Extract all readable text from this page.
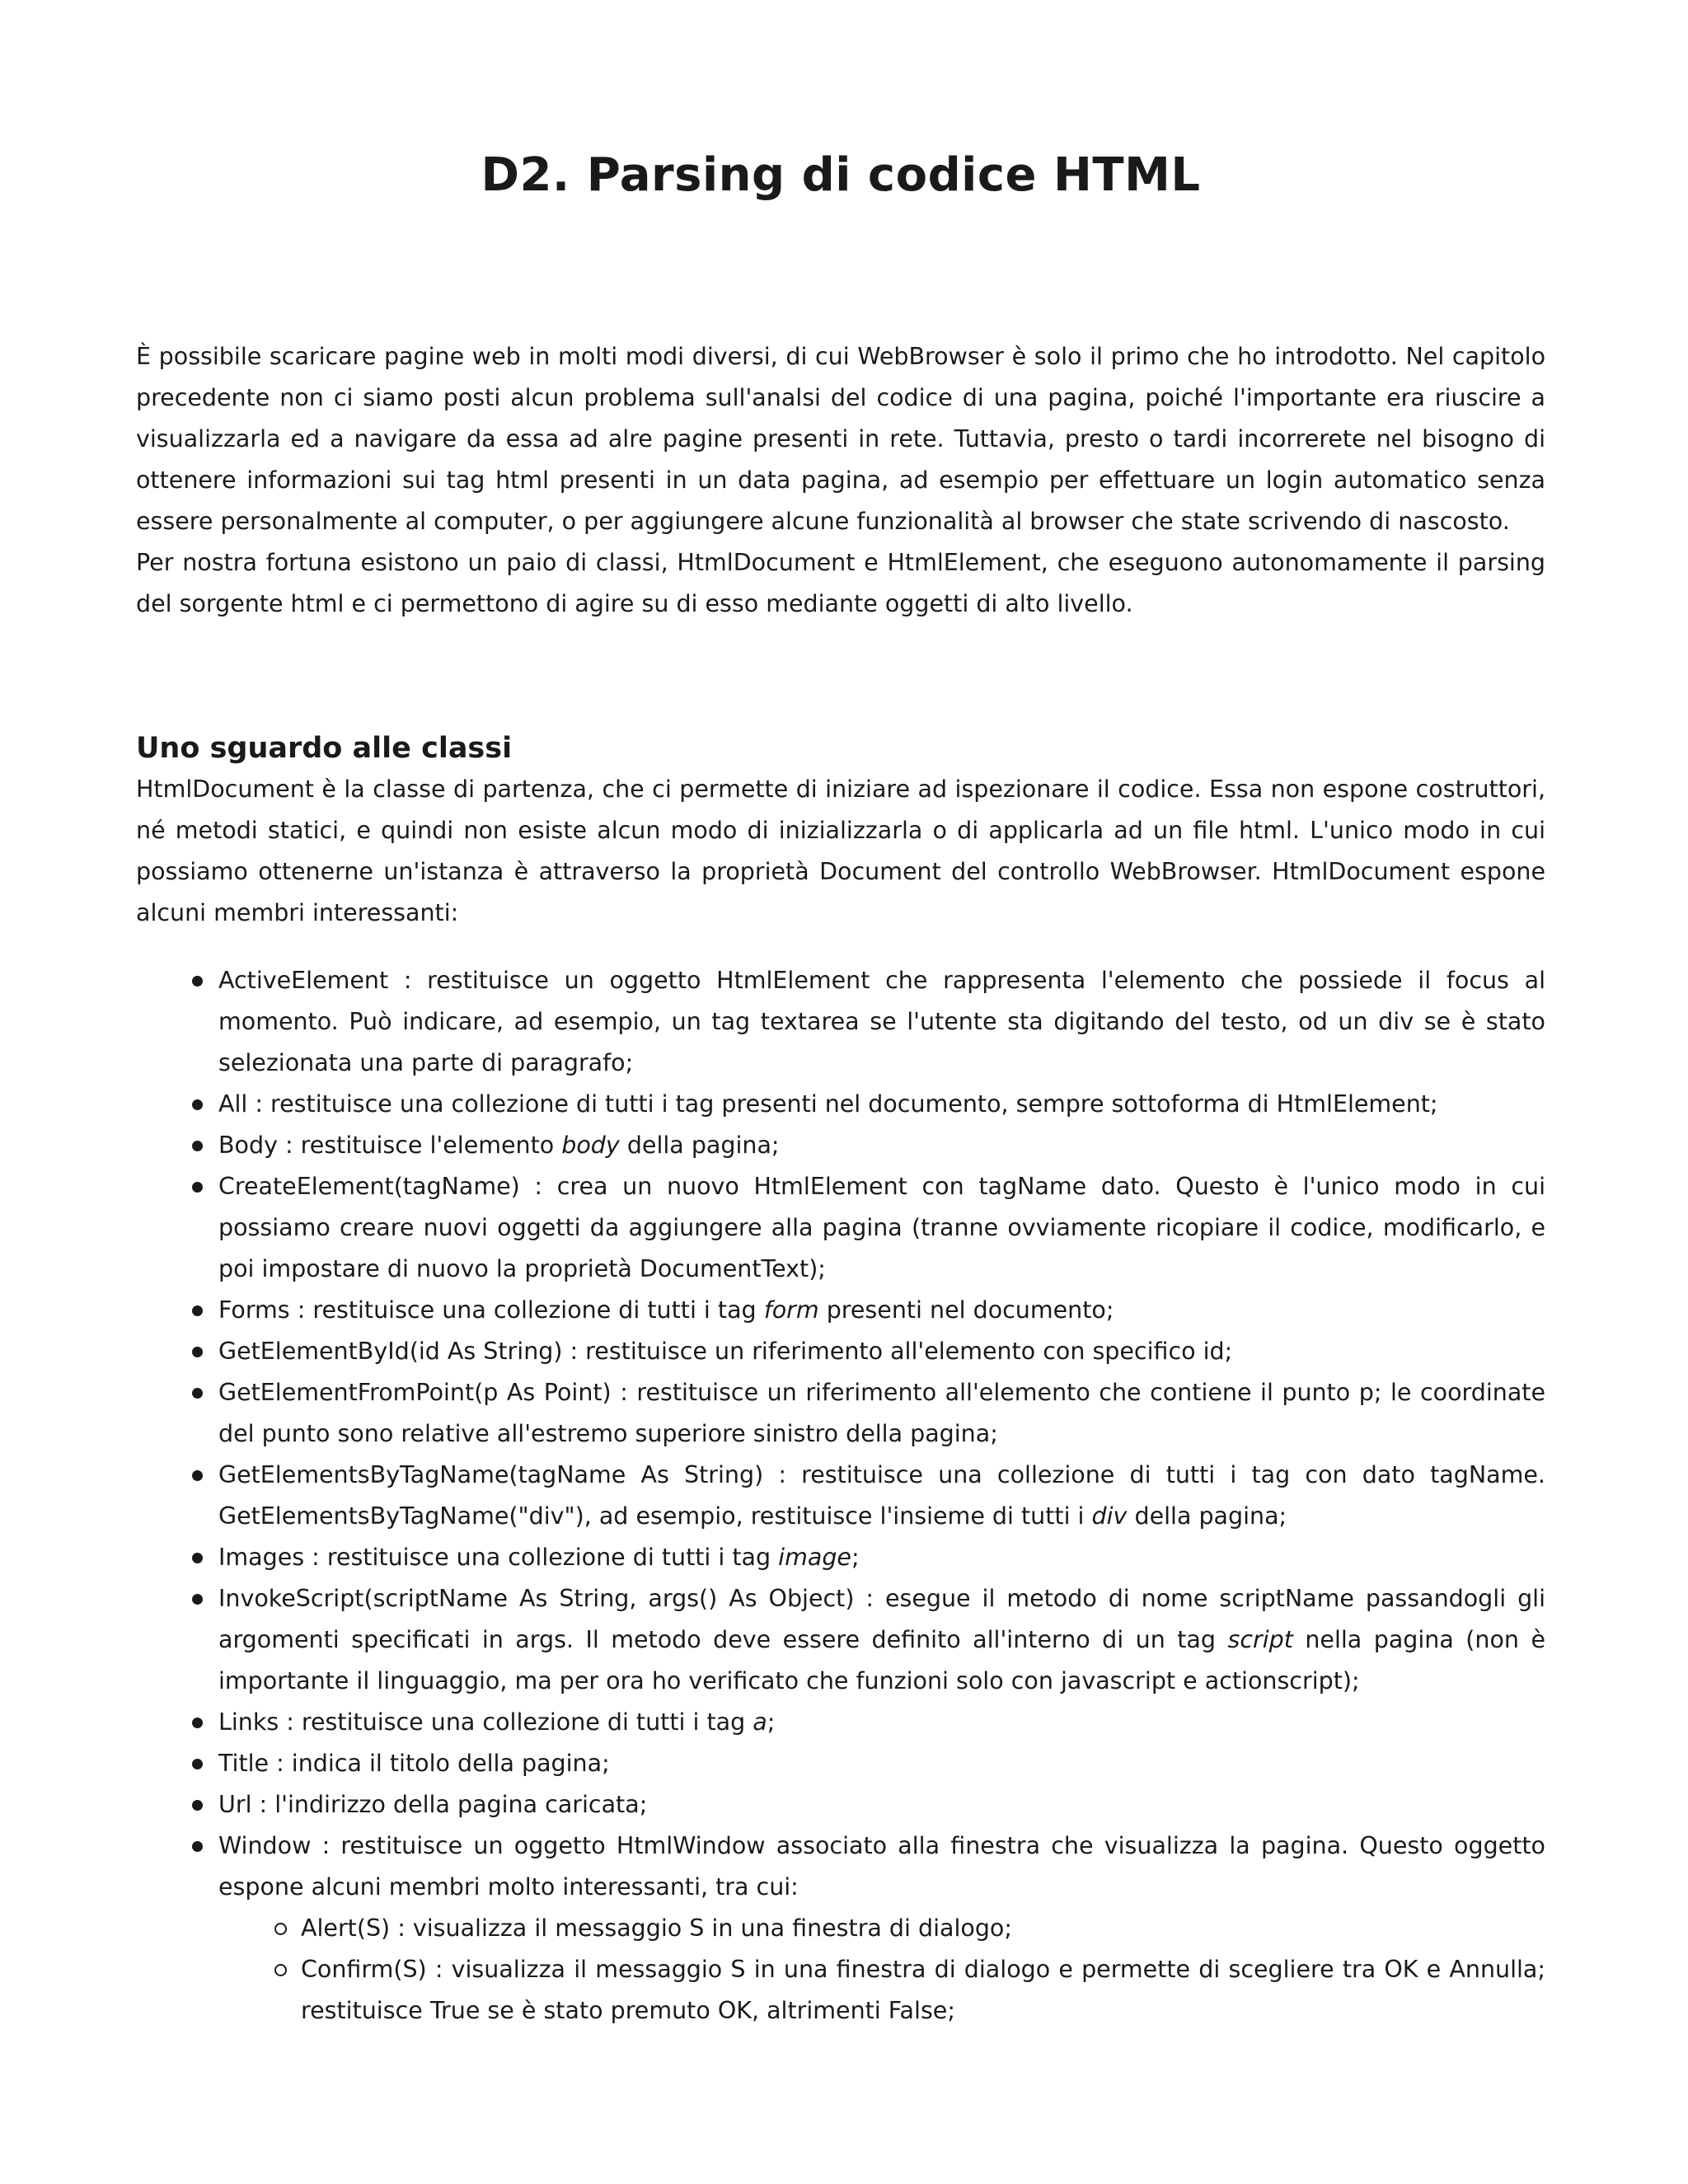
D2. Parsing di codice HTML

È possibile scaricare pagine web in molti modi diversi, di cui WebBrowser è solo il primo che ho introdotto. Nel capitolo precedente non ci siamo posti alcun problema sull'analsi del codice di una pagina, poiché l'importante era riuscire a visualizzarla ed a navigare da essa ad alre pagine presenti in rete. Tuttavia, presto o tardi incorrerete nel bisogno di ottenere informazioni sui tag html presenti in un data pagina, ad esempio per effettuare un login automatico senza essere personalmente al computer, o per aggiungere alcune funzionalità al browser che state scrivendo di nascosto.

Per nostra fortuna esistono un paio di classi, HtmlDocument e HtmlElement, che eseguono autonomamente il parsing del sorgente html e ci permettono di agire su di esso mediante oggetti di alto livello.

Uno sguardo alle classi

HtmlDocument è la classe di partenza, che ci permette di iniziare ad ispezionare il codice. Essa non espone costruttori, né metodi statici, e quindi non esiste alcun modo di inizializzarla o di applicarla ad un file html. L'unico modo in cui possiamo ottenerne un'istanza è attraverso la proprietà Document del controllo WebBrowser. HtmlDocument espone alcuni membri interessanti:

ActiveElement : restituisce un oggetto HtmlElement che rappresenta l'elemento che possiede il focus al momento. Può indicare, ad esempio, un tag textarea se l'utente sta digitando del testo, od un div se è stato selezionata una parte di paragrafo;
All : restituisce una collezione di tutti i tag presenti nel documento, sempre sottoforma di HtmlElement;
Body : restituisce l'elemento body della pagina;
CreateElement(tagName) : crea un nuovo HtmlElement con tagName dato. Questo è l'unico modo in cui possiamo creare nuovi oggetti da aggiungere alla pagina (tranne ovviamente ricopiare il codice, modificarlo, e poi impostare di nuovo la proprietà DocumentText);
Forms : restituisce una collezione di tutti i tag form presenti nel documento;
GetElementById(id As String) : restituisce un riferimento all'elemento con specifico id;
GetElementFromPoint(p As Point) : restituisce un riferimento all'elemento che contiene il punto p; le coordinate del punto sono relative all'estremo superiore sinistro della pagina;
GetElementsByTagName(tagName As String) : restituisce una collezione di tutti i tag con dato tagName. GetElementsByTagName("div"), ad esempio, restituisce l'insieme di tutti i div della pagina;
Images : restituisce una collezione di tutti i tag image;
InvokeScript(scriptName As String, args() As Object) : esegue il metodo di nome scriptName passandogli gli argomenti specificati in args. Il metodo deve essere definito all'interno di un tag script nella pagina (non è importante il linguaggio, ma per ora ho verificato che funzioni solo con javascript e actionscript);
Links : restituisce una collezione di tutti i tag a;
Title : indica il titolo della pagina;
Url : l'indirizzo della pagina caricata;
Window : restituisce un oggetto HtmlWindow associato alla finestra che visualizza la pagina. Questo oggetto espone alcuni membri molto interessanti, tra cui:
Alert(S) : visualizza il messaggio S in una finestra di dialogo;
Confirm(S) : visualizza il messaggio S in una finestra di dialogo e permette di scegliere tra OK e Annulla; restituisce True se è stato premuto OK, altrimenti False;
